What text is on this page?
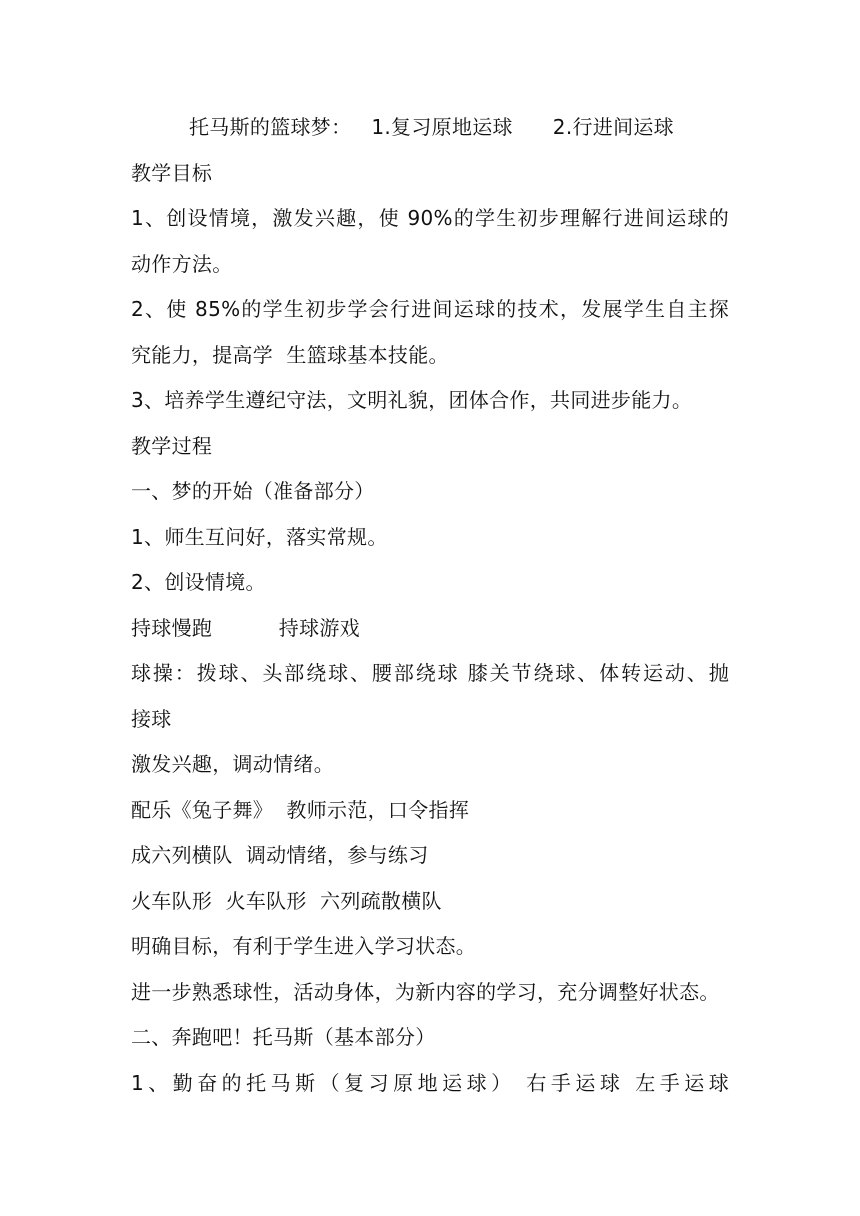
托马斯的篮球梦：   1.复习原地运球      2.行进间运球
教学目标
1、创设情境，激发兴趣，使 90%的学生初步理解行进间运球的
动作方法。
2、使 85%的学生初步学会行进间运球的技术，发展学生自主探
究能力，提高学  生篮球基本技能。
3、培养学生遵纪守法，文明礼貌，团体合作，共同进步能力。
教学过程
一、梦的开始（准备部分）
1、师生互问好，落实常规。
2、创设情境。
持球慢跑          持球游戏
球操：拨球、头部绕球、腰部绕球 膝关节绕球、体转运动、抛
接球
激发兴趣，调动情绪。
配乐《兔子舞》  教师示范，口令指挥
成六列横队  调动情绪，参与练习
火车队形  火车队形  六列疏散横队
明确目标，有利于学生进入学习状态。
进一步熟悉球性，活动身体，为新内容的学习，充分调整好状态。
二、奔跑吧！托马斯（基本部分）
1、勤奋的托马斯（复习原地运球） 右手运球 左手运球
